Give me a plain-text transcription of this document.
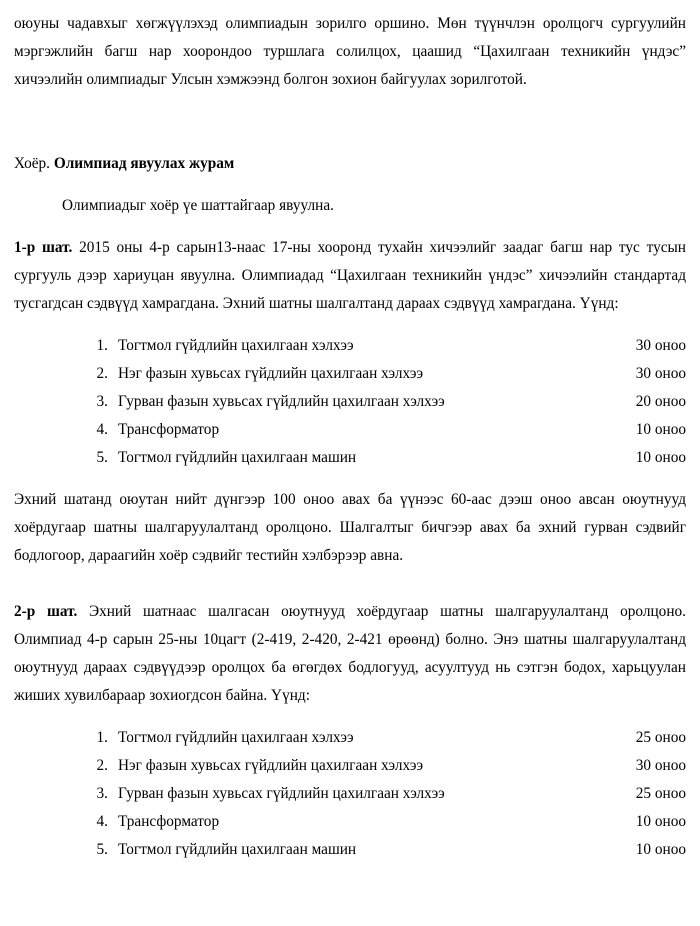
оюуны чадавхыг хөгжүүлэхэд олимпиадын зорилго оршино. Мөн түүнчлэн оролцогч сургуулийн мэргэжлийн багш нар хоорондоо туршлага солилцох, цаашид “Цахилгаан техникийн үндэс” хичээлийн олимпиадыг Улсын хэмжээнд болгон зохион байгуулах зорилготой.

Хоёр. Олимпиад явуулах журам

Олимпиадыг хоёр үе шаттайгаар явуулна.

1-р шат. 2015 оны 4-р сарын13-наас 17-ны хооронд тухайн хичээлийг заадаг багш нар тус тусын сургууль дээр хариуцан явуулна. Олимпиадад “Цахилгаан техникийн үндэс” хичээлийн стандартад тусгагдсан сэдвүүд хамрагдана. Эхний шатны шалгалтанд дараах сэдвүүд хамрагдана. Үүнд:

1. Тогтмол гүйдлийн цахилгаан хэлхээ	30 оноо
2. Нэг фазын хувьсах гүйдлийн цахилгаан хэлхээ	30 оноо
3. Гурван фазын хувьсах гүйдлийн цахилгаан хэлхээ	20 оноо
4. Трансформатор	10 оноо
5. Тогтмол гүйдлийн цахилгаан машин	10 оноо

Эхний шатанд оюутан нийт дүнгээр 100 оноо авах ба үүнээс 60-аас дээш оноо авсан оюутнууд хоёрдугаар шатны шалгаруулалтанд оролцоно. Шалгалтыг бичгээр авах ба эхний гурван сэдвийг бодлогоор, дараагийн хоёр сэдвийг тестийн хэлбэрээр авна.

2-р шат. Эхний шатнаас шалгасан оюутнууд хоёрдугаар шатны шалгаруулалтанд оролцоно. Олимпиад 4-р сарын 25-ны 10цагт (2-419, 2-420, 2-421 өрөөнд) болно. Энэ шатны шалгаруулалтанд оюутнууд дараах сэдвүүдээр оролцох ба өгөгдөх бодлогууд, асуултууд нь сэтгэн бодох, харьцуулан жиших хувилбараар зохиогдсон байна. Үүнд:

1. Тогтмол гүйдлийн цахилгаан хэлхээ	25 оноо
2. Нэг фазын хувьсах гүйдлийн цахилгаан хэлхээ	30 оноо
3. Гурван фазын хувьсах гүйдлийн цахилгаан хэлхээ	25 оноо
4. Трансформатор	10 оноо
5. Тогтмол гүйдлийн цахилгаан машин	10 оноо
